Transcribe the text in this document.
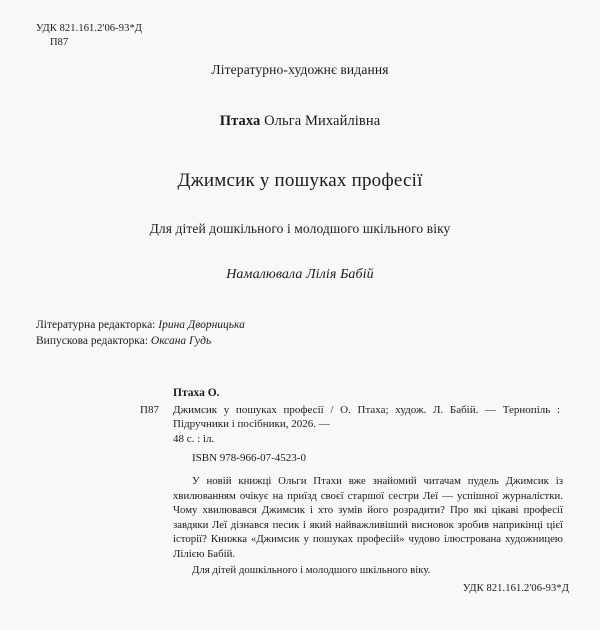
УДК 821.161.2'06-93*Д
П87
Літературно-художнє видання
Птаха Ольга Михайлівна
Джимсик у пошуках професії
Для дітей дошкільного і молодшого шкільного віку
Намалювала Лілія Бабій
Літературна редакторка: Ірина Дворницька
Випускова редакторка: Оксана Гудь
Птаха О.
П87	Джимсик у пошуках професії / О. Птаха; худож. Л. Бабій. — Тернопіль : Підручники і посібники, 2026. —
48 с. : іл.
ISBN 978-966-07-4523-0

У новій книжці Ольги Птахи вже знайомий читачам пудель Джимсик із хвилюванням очікує на приїзд своєї старшої сестри Леї — успішної журналістки. Чому хвилювався Джимсик і хто зумів його розрадити? Про які цікаві професії завдяки Леї дізнався песик і який найважливіший висновок зробив наприкінці цієї історії? Книжка «Джимсик у пошуках професій» чудово ілюстрована художницею Лілією Бабій.

Для дітей дошкільного і молодшого шкільного віку.

УДК 821.161.2'06-93*Д
